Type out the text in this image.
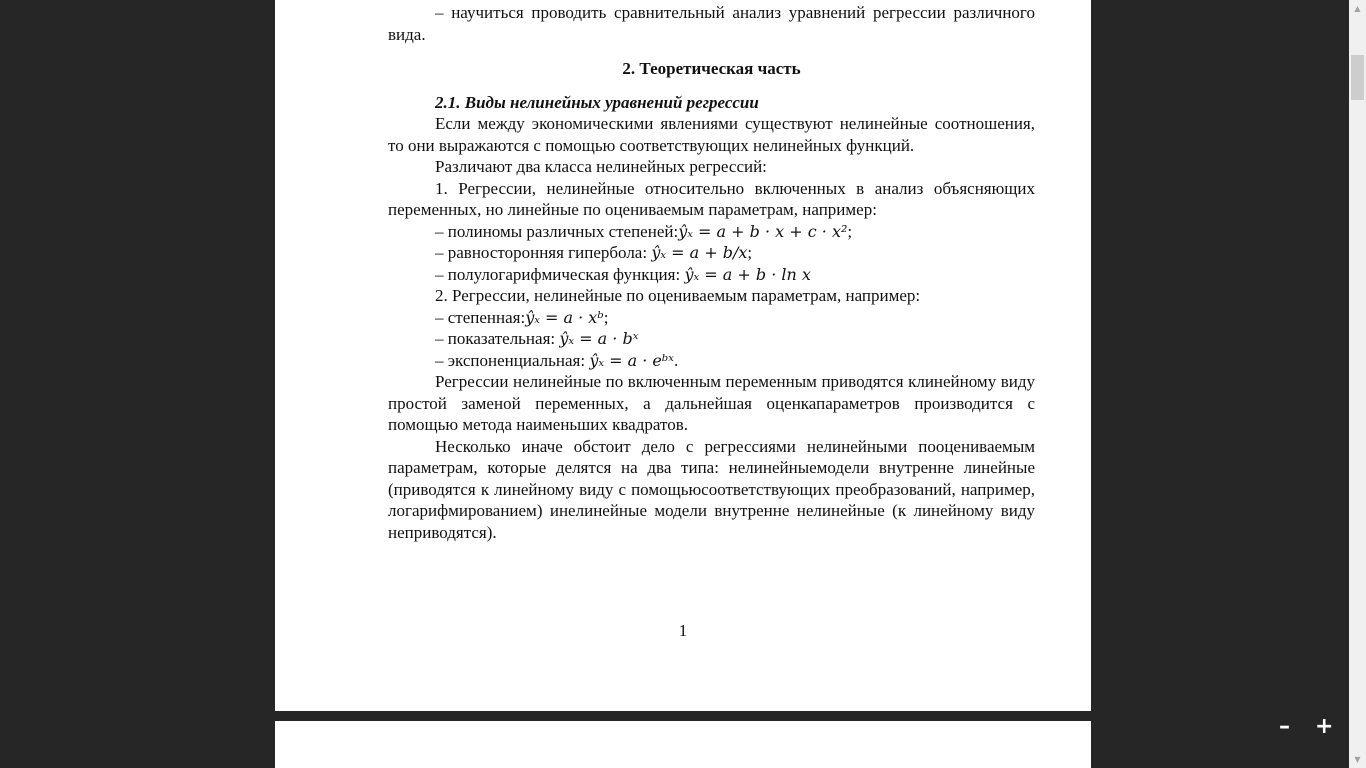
– научиться проводить сравнительный анализ уравнений регрессии различного вида.

2. Теоретическая часть

2.1. Виды нелинейных уравнений регрессии

Если между экономическими явлениями существуют нелинейные соотношения, то они выражаются с помощью соответствующих нелинейных функций.

Различают два класса нелинейных регрессий:

1. Регрессии, нелинейные относительно включенных в анализ объясняющих переменных, но линейные по оцениваемым параметрам, например:

– полиномы различных степеней:ŷₓ = a + b · x + c · x²;

– равносторонняя гипербола: ŷₓ = a + b/x;

– полулогарифмическая функция: ŷₓ = a + b · ln x

2. Регрессии, нелинейные по оцениваемым параметрам, например:

– степенная:ŷₓ = a · xᵇ;

– показательная: ŷₓ = a · bˣ

– экспоненциальная: ŷₓ = a · eᵇˣ.

Регрессии нелинейные по включенным переменным приводятся клинейному виду простой заменой переменных, а дальнейшая оценкапараметров производится с помощью метода наименьших квадратов.

Несколько иначе обстоит дело с регрессиями нелинейными пооцениваемым параметрам, которые делятся на два типа: нелинейныемодели внутренне линейные (приводятся к линейному виду с помощьюсоответствующих преобразований, например, логарифмированием) инелинейные модели внутренне нелинейные (к линейному виду неприводятся).

1
▲
▼
– +
